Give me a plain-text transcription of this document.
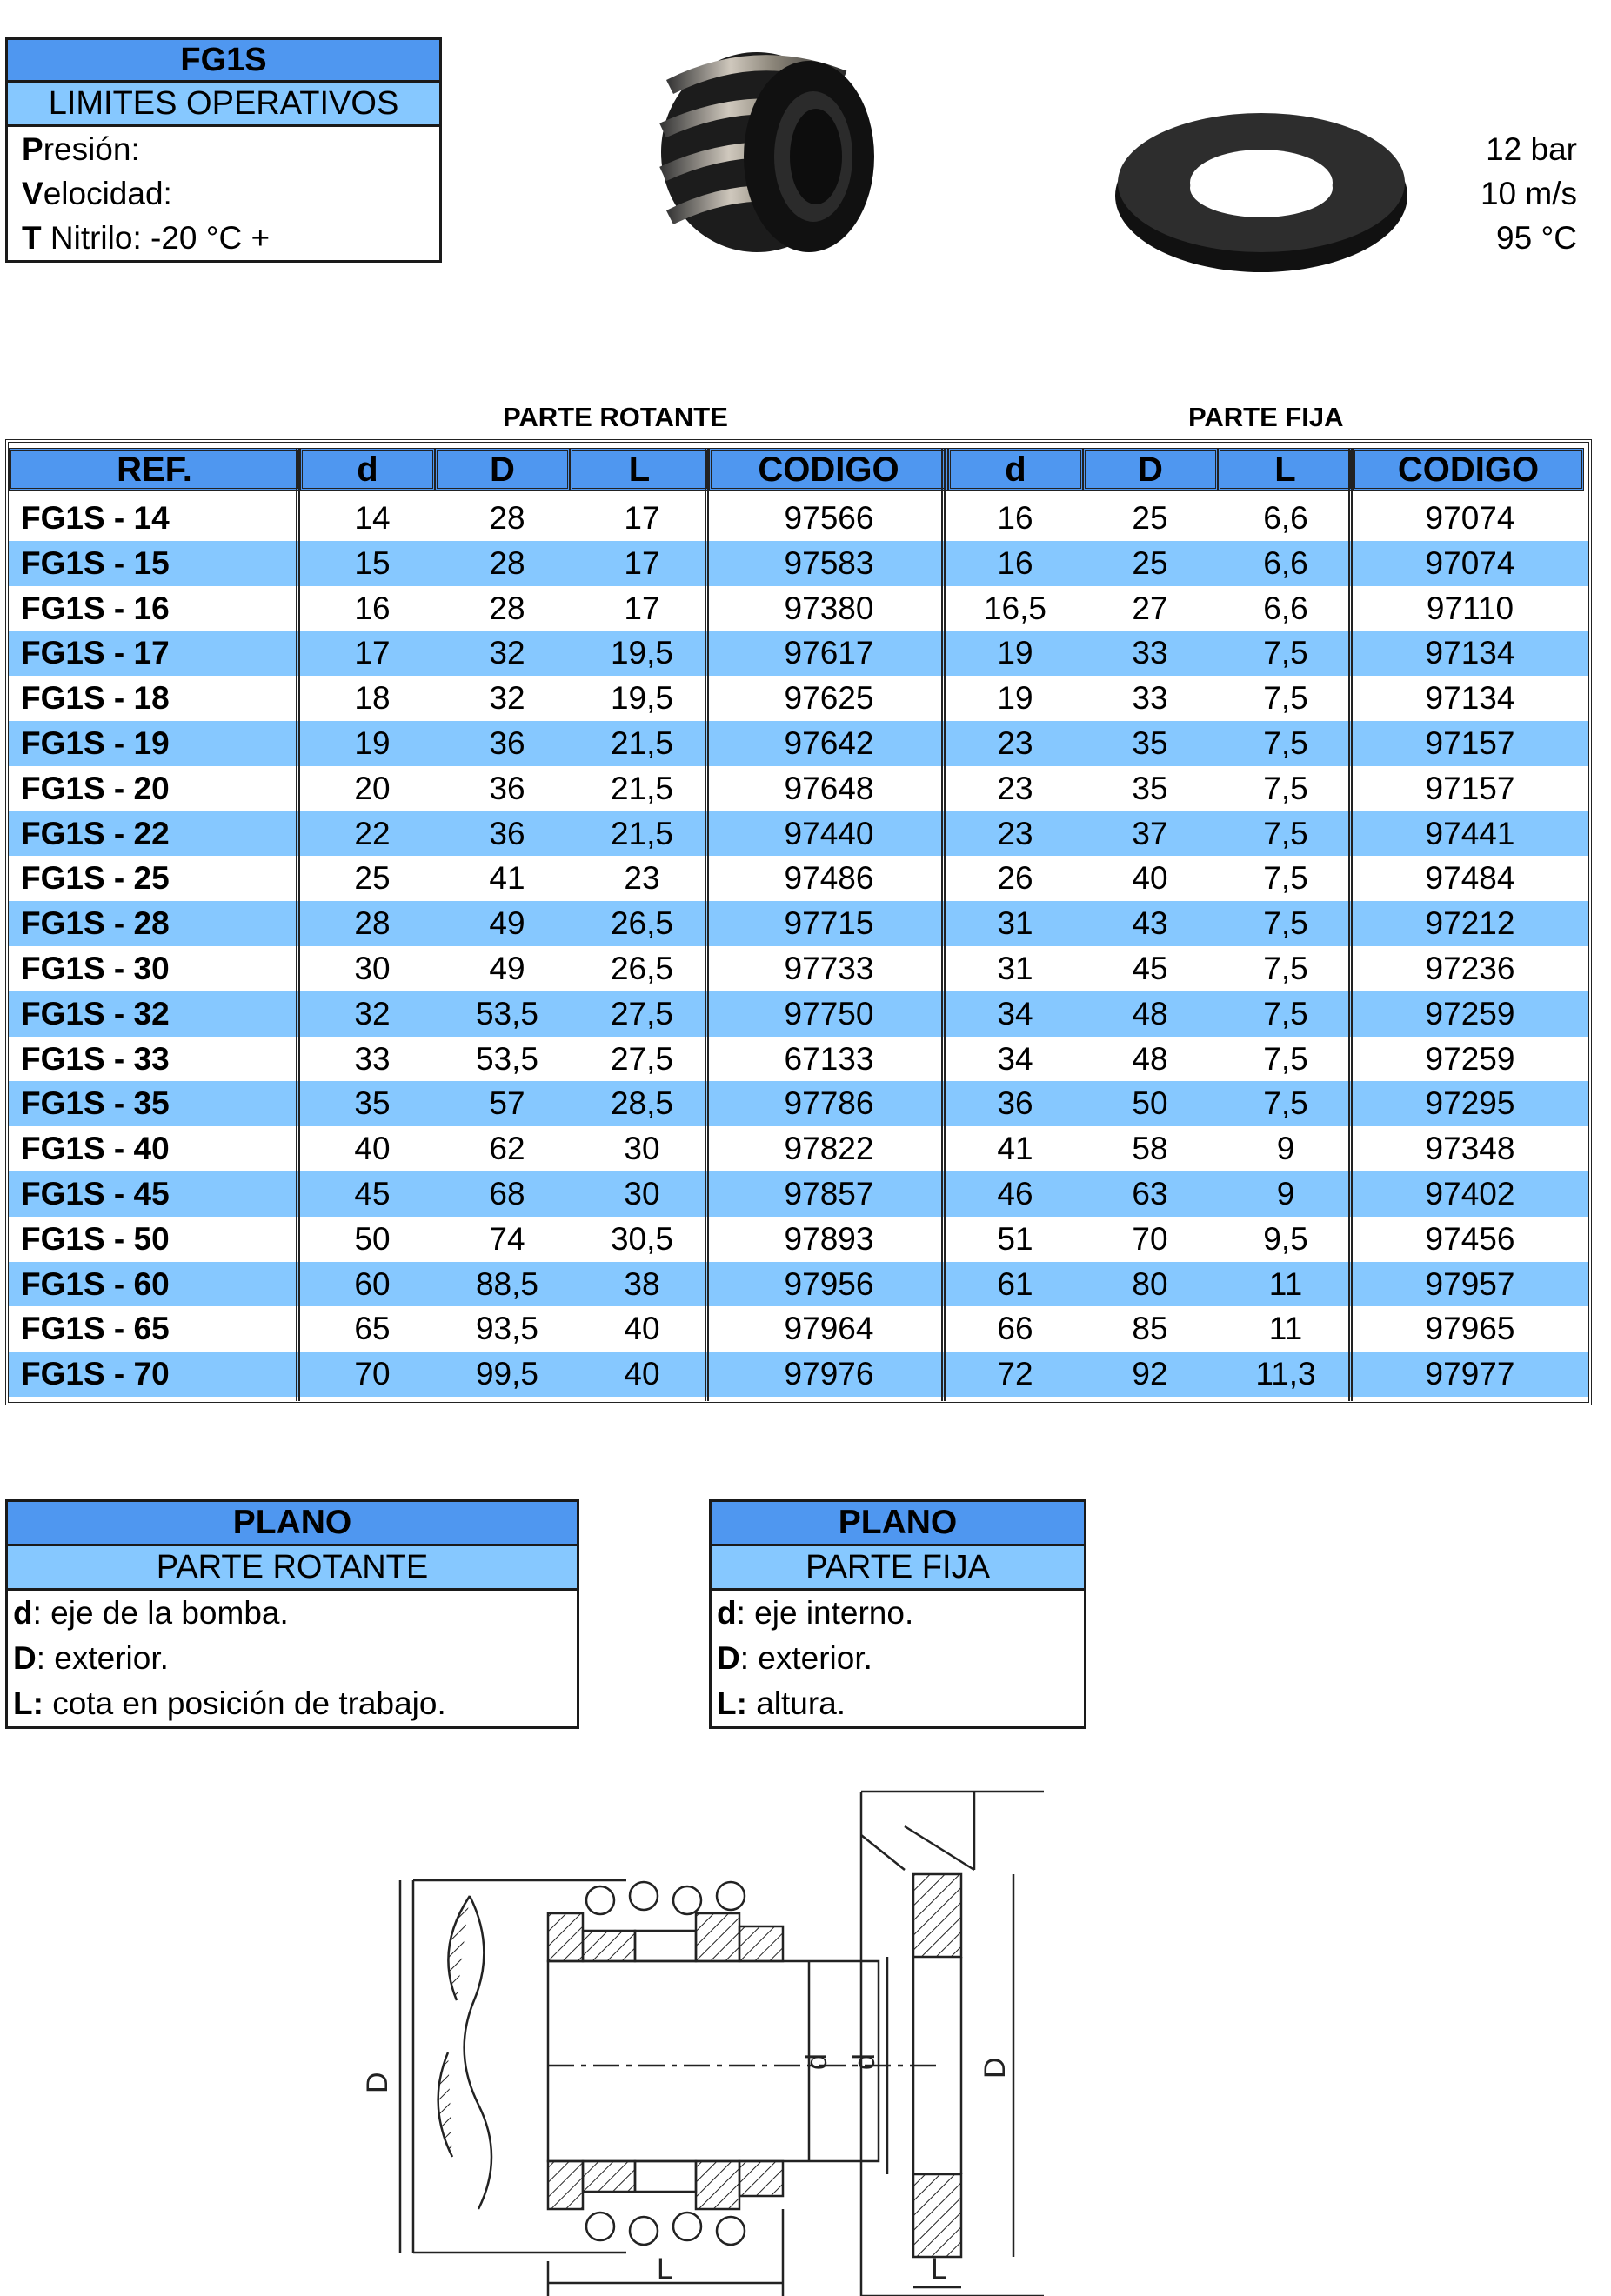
FG1S
LIMITES OPERATIVOS
Presión:	12 bar
Velocidad:	10 m/s
T Nitrilo: -20 °C +	95 °C
PARTE ROTANTE	PARTE FIJA
REF.	d	D	L	CODIGO	d	D	L	CODIGO
FG1S - 14	14	28	17	97566	16	25	6,6	97074
FG1S - 15	15	28	17	97583	16	25	6,6	97074
FG1S - 16	16	28	17	97380	16,5	27	6,6	97110
FG1S - 17	17	32	19,5	97617	19	33	7,5	97134
FG1S - 18	18	32	19,5	97625	19	33	7,5	97134
FG1S - 19	19	36	21,5	97642	23	35	7,5	97157
FG1S - 20	20	36	21,5	97648	23	35	7,5	97157
FG1S - 22	22	36	21,5	97440	23	37	7,5	97441
FG1S - 25	25	41	23	97486	26	40	7,5	97484
FG1S - 28	28	49	26,5	97715	31	43	7,5	97212
FG1S - 30	30	49	26,5	97733	31	45	7,5	97236
FG1S - 32	32	53,5	27,5	97750	34	48	7,5	97259
FG1S - 33	33	53,5	27,5	67133	34	48	7,5	97259
FG1S - 35	35	57	28,5	97786	36	50	7,5	97295
FG1S - 40	40	62	30	97822	41	58	9	97348
FG1S - 45	45	68	30	97857	46	63	9	97402
FG1S - 50	50	74	30,5	97893	51	70	9,5	97456
FG1S - 60	60	88,5	38	97956	61	80	11	97957
FG1S - 65	65	93,5	40	97964	66	85	11	97965
FG1S - 70	70	99,5	40	97976	72	92	11,3	97977
PLANO
PARTE ROTANTE
d: eje de la bomba.
D: exterior.
L: cota en posición de trabajo.
PLANO
PARTE FIJA
d: eje interno.
D: exterior.
L: altura.
D
d
L
d	D
L
